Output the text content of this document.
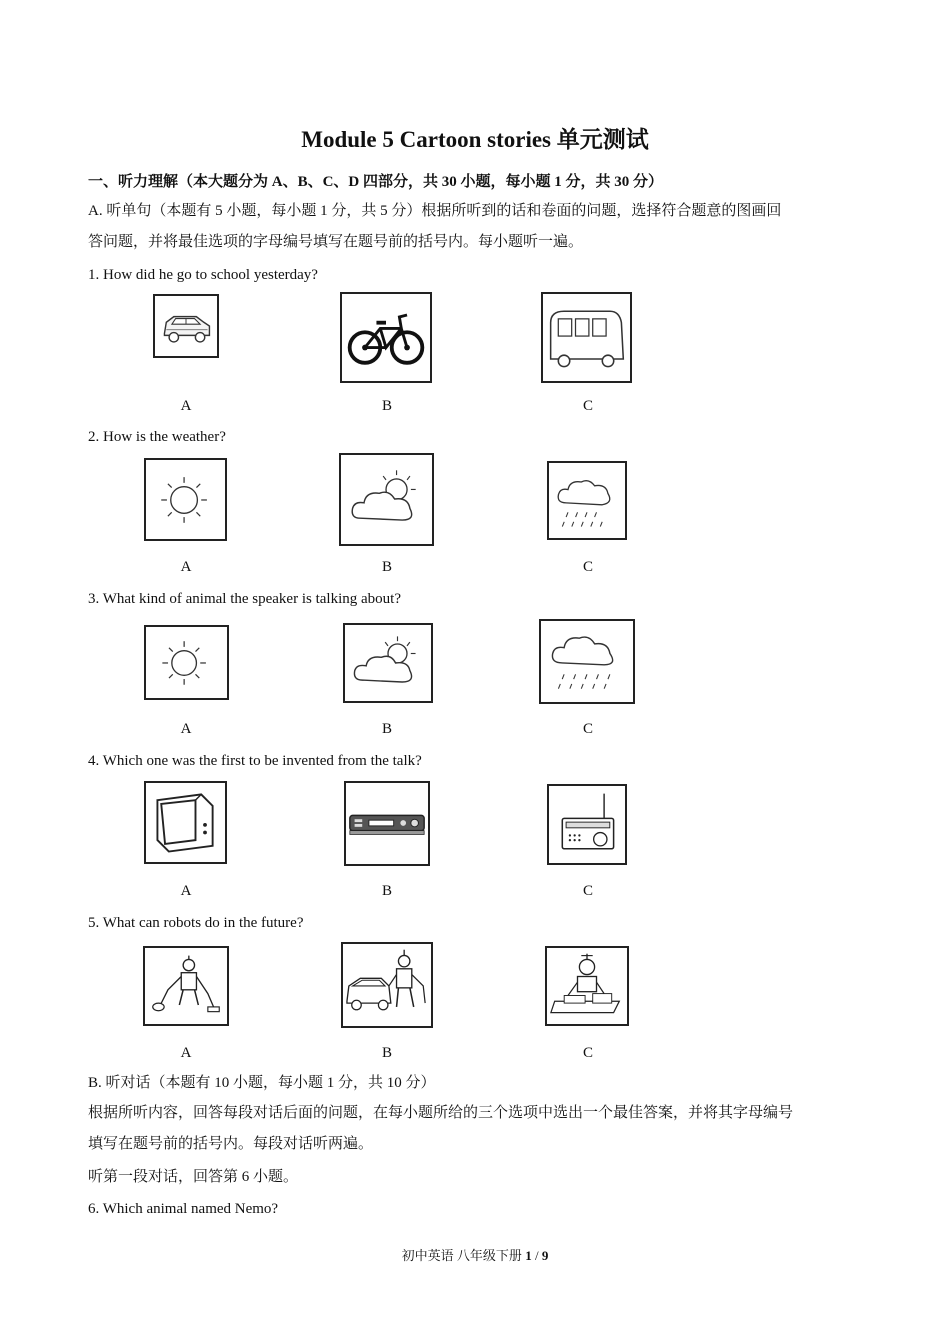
Module 5 Cartoon stories 单元测试
一、听力理解（本大题分为 A、B、C、D 四部分，共 30 小题，每小题 1 分，共 30 分）
A. 听单句（本题有 5 小题，每小题 1 分，共 5 分）根据所听到的话和卷面的问题，选择符合题意的图画回
答问题，并将最佳选项的字母编号填写在题号前的括号内。每小题听一遍。
1. How did he go to school yesterday?
A	B	C
2. How is the weather?
A	B	C
3. What kind of animal the speaker is talking about?
A	B	C
4. Which one was the first to be invented from the talk?
A	B	C
5. What can robots do in the future?
A	B	C
B. 听对话（本题有 10 小题，每小题 1 分，共 10 分）
根据所听内容，回答每段对话后面的问题，在每小题所给的三个选项中选出一个最佳答案，并将其字母编号
填写在题号前的括号内。每段对话听两遍。
听第一段对话，回答第 6 小题。
6. Which animal named Nemo?
初中英语 八年级下册 1 / 9
